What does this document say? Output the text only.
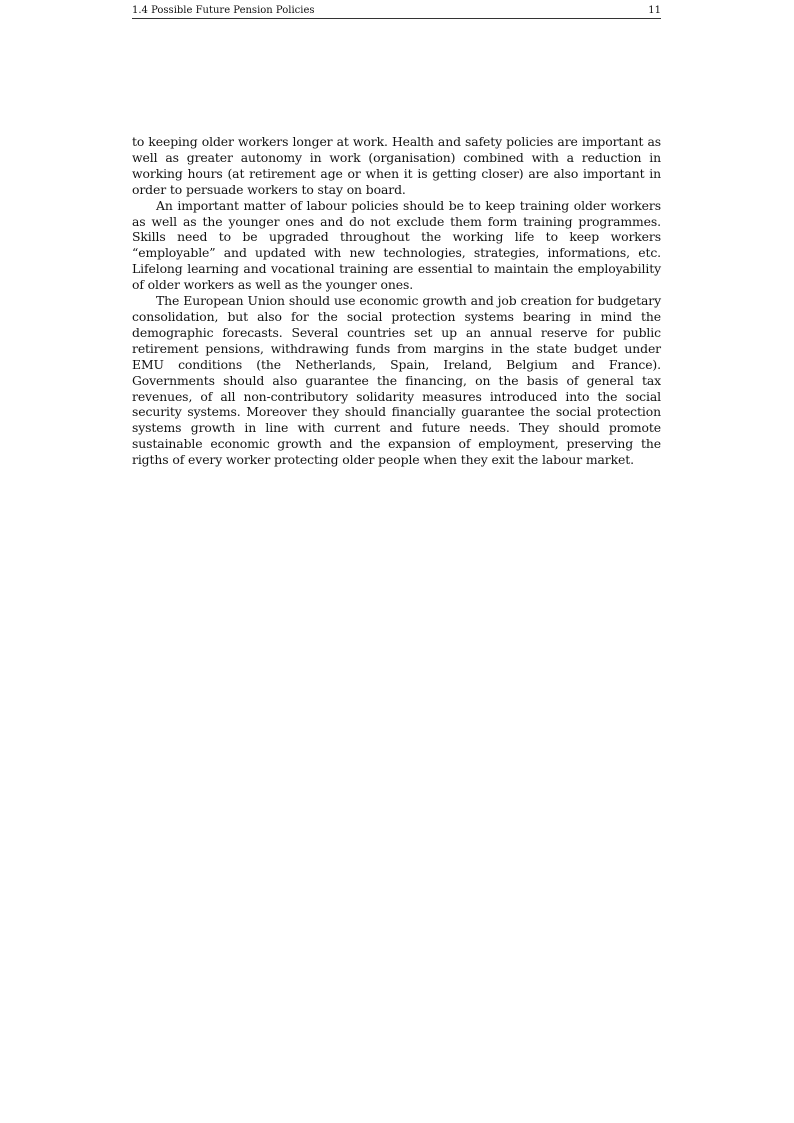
1.4 Possible Future Pension Policies	11

to keeping older workers longer at work. Health and safety policies are important as well as greater autonomy in work (organisation) combined with a reduction in working hours (at retirement age or when it is getting closer) are also important in order to persuade workers to stay on board.

An important matter of labour policies should be to keep training older workers as well as the younger ones and do not exclude them form training programmes. Skills need to be upgraded throughout the working life to keep workers “employable” and updated with new technologies, strategies, informations, etc. Lifelong learning and vocational training are essential to maintain the employability of older workers as well as the younger ones.

The European Union should use economic growth and job creation for budgetary consolidation, but also for the social protection systems bearing in mind the demographic forecasts. Several countries set up an annual reserve for public retirement pensions, withdrawing funds from margins in the state budget under EMU conditions (the Netherlands, Spain, Ireland, Belgium and France). Governments should also guarantee the financing, on the basis of general tax revenues, of all non-contributory solidarity measures introduced into the social security systems. Moreover they should financially guarantee the social protection systems growth in line with current and future needs. They should promote sustainable economic growth and the expansion of employment, preserving the rigths of every worker protecting older people when they exit the labour market.
